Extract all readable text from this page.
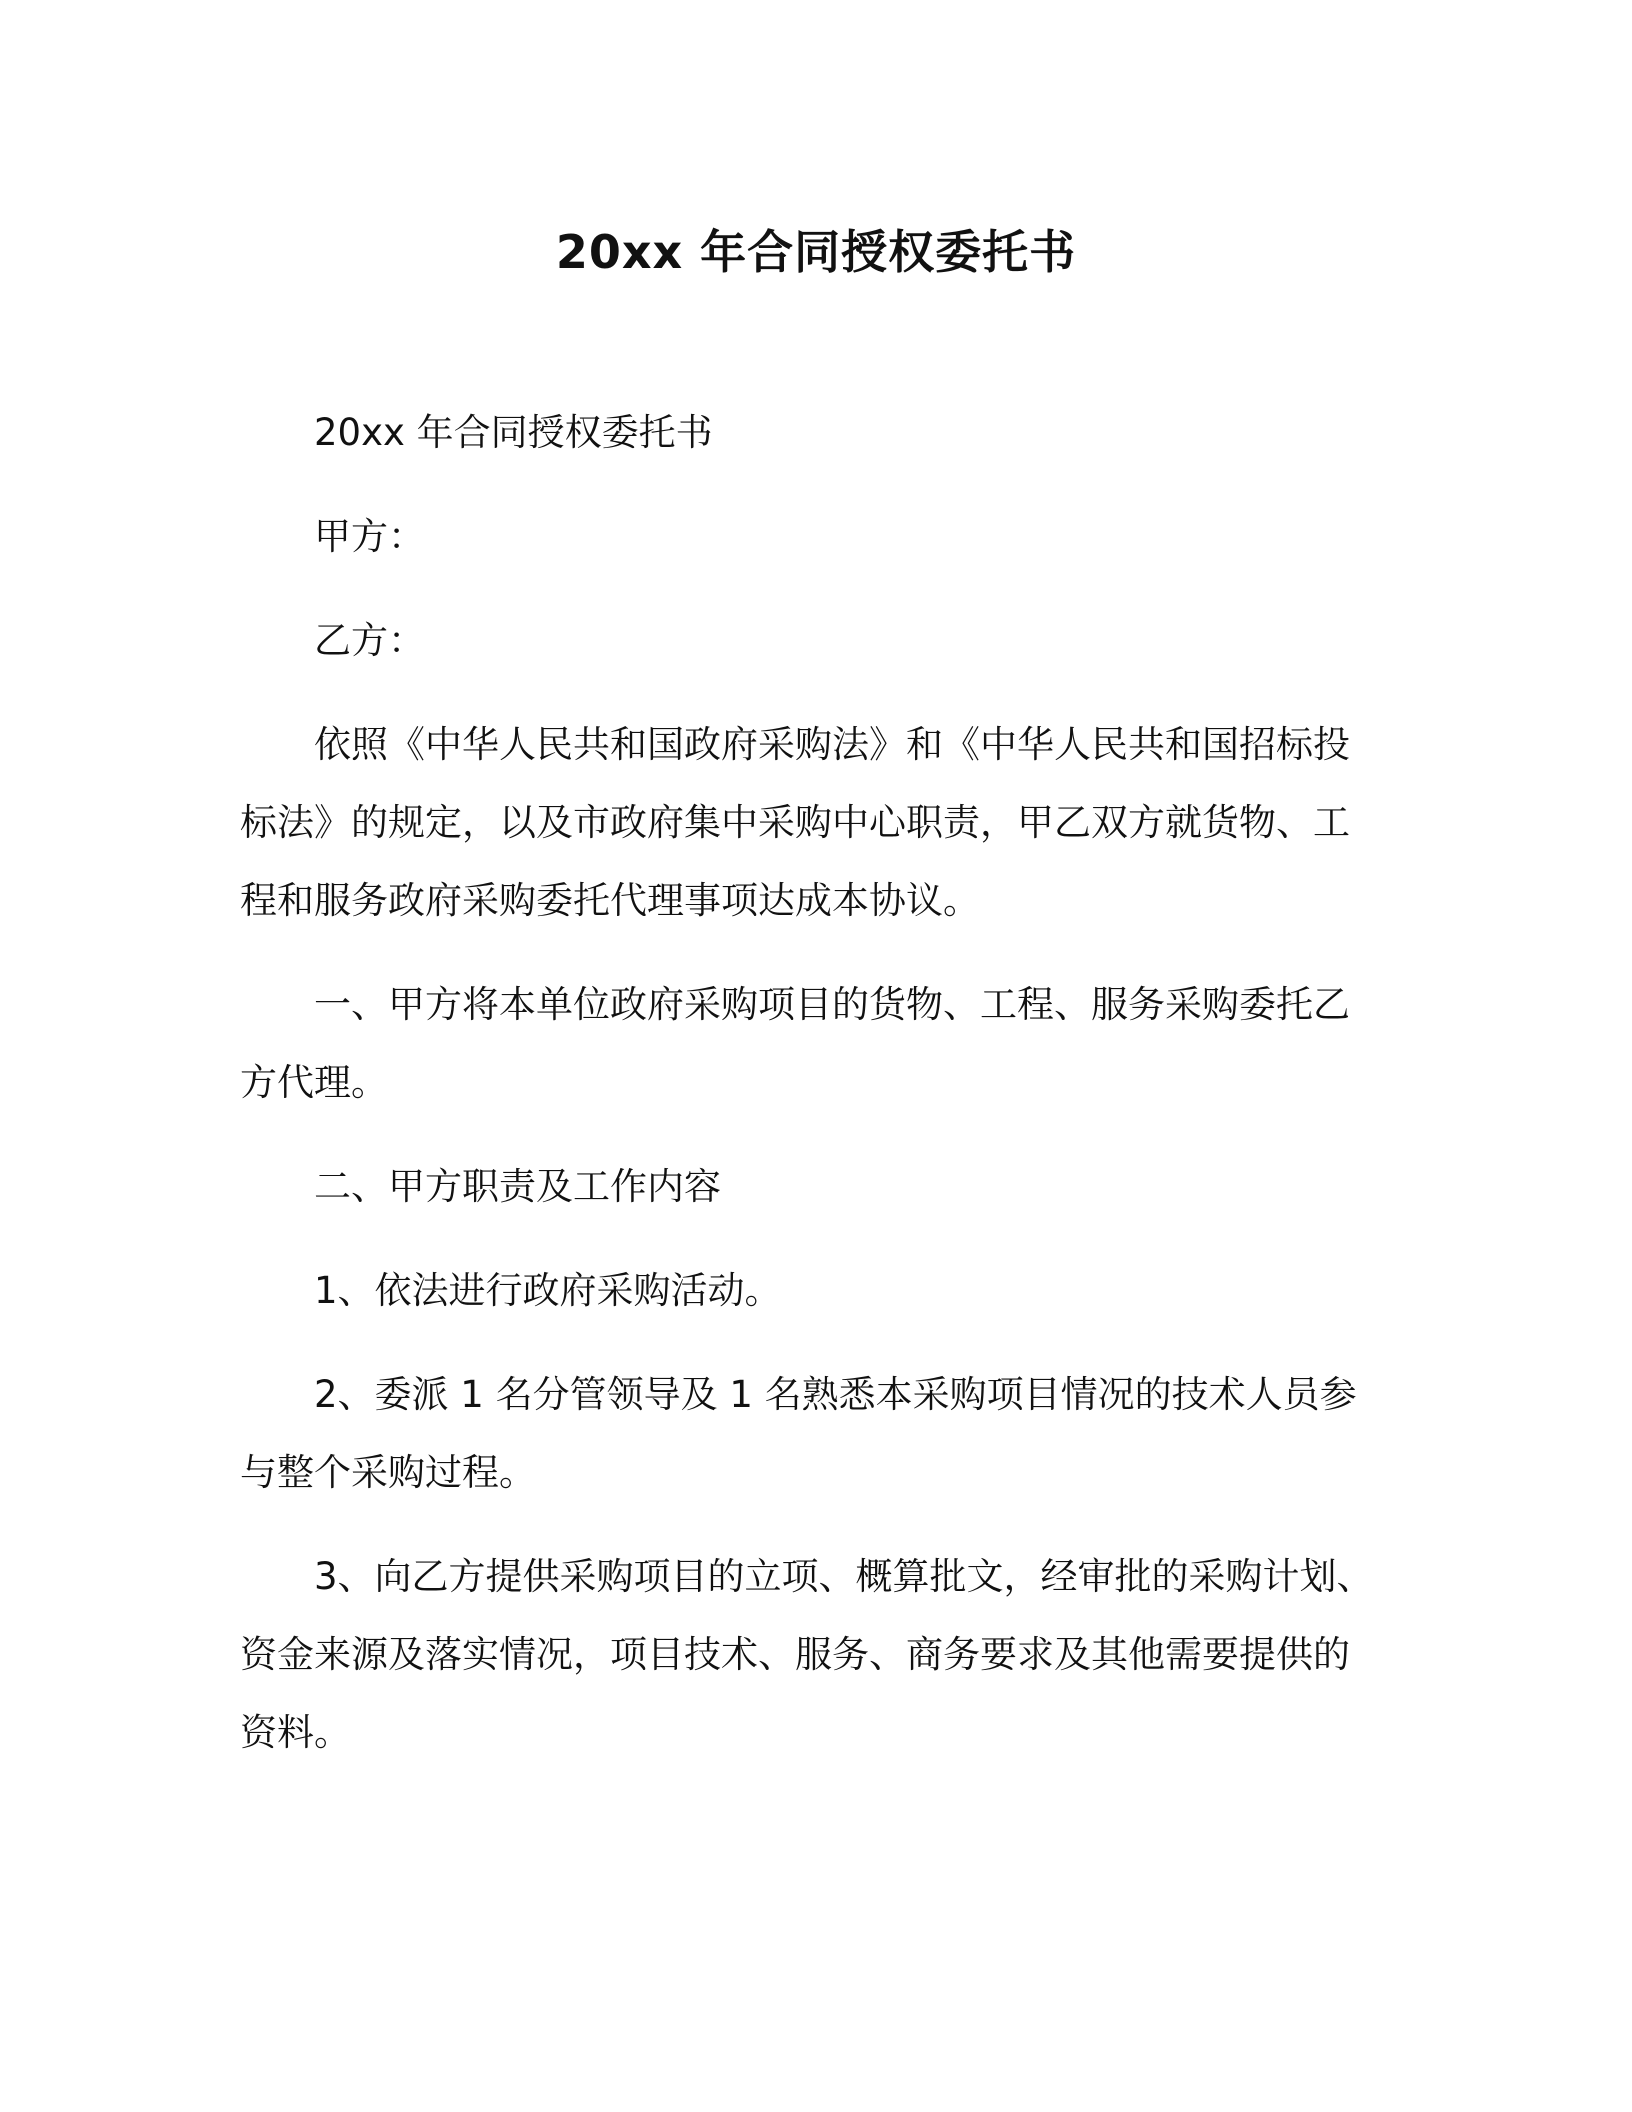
20xx 年合同授权委托书

20xx 年合同授权委托书

甲方：

乙方：

依照《中华人民共和国政府采购法》和《中华人民共和国招标投标法》的规定，以及市政府集中采购中心职责，甲乙双方就货物、工程和服务政府采购委托代理事项达成本协议。

一、甲方将本单位政府采购项目的货物、工程、服务采购委托乙方代理。

二、甲方职责及工作内容

1、依法进行政府采购活动。

2、委派 1 名分管领导及 1 名熟悉本采购项目情况的技术人员参与整个采购过程。

3、向乙方提供采购项目的立项、概算批文，经审批的采购计划、资金来源及落实情况，项目技术、服务、商务要求及其他需要提供的资料。
